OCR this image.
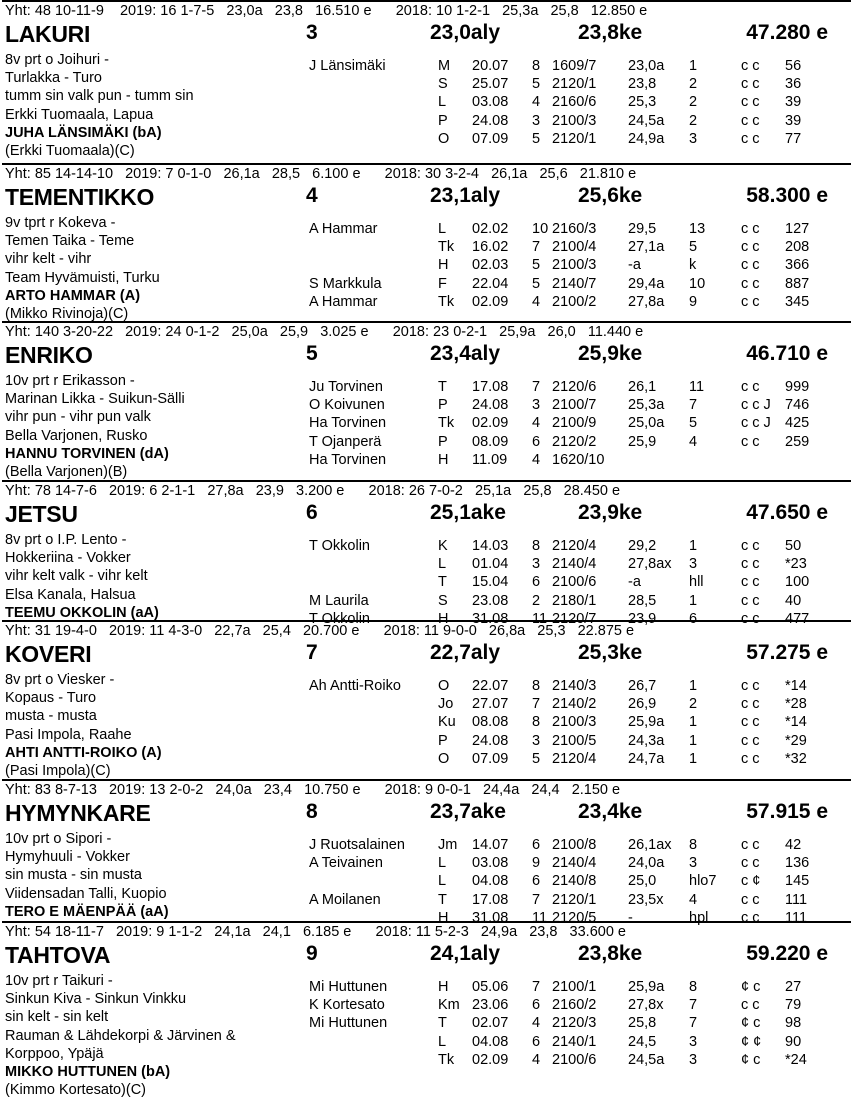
Yht: 48 10-11-9    2019: 16 1-7-5   23,0a   23,8   16.510 e      2018: 10 1-2-1   25,3a   25,8   12.850 e
LAKURI	3	23,0aly	23,8ke	47.280 e
8v prt o Joihuri -
Turlakka - Turo
tumm sin valk pun - tumm sin
Erkki Tuomaala, Lapua
JUHA LÄNSIMÄKI (bA)
(Erkki Tuomaala)(C)
J Länsimäki	M 20.07 8 1609/7 23,0a 1	c c 56
S 25.07 5 2120/1 23,8 2	c c 36
L 03.08 4 2160/6 25,3 2	c c 39
P 24.08 3 2100/3 24,5a 2	c c 39
O 07.09 5 2120/1 24,9a 3	c c 77
Yht: 85 14-14-10   2019: 7 0-1-0   26,1a   28,5   6.100 e      2018: 30 3-2-4   26,1a   25,6   21.810 e
TEMENTIKKO	4	23,1aly	25,6ke	58.300 e
9v tprt r Kokeva -
Temen Taika - Teme
vihr kelt - vihr
Team Hyvämuisti, Turku
ARTO HAMMAR (A)
(Mikko Rivinoja)(C)
A Hammar	L 02.02 10 2160/3 29,5 13 c c 127
Tk 16.02 7 2100/4 27,1a 5	c c 208
H 02.03 5 2100/3 -a	k	c c 366
S Markkula	F 22.04 5 2140/7 29,4a 10 c c 887
A Hammar	Tk 02.09 4 2100/2 27,8a 9	c c 345
Yht: 140 3-20-22   2019: 24 0-1-2   25,0a   25,9   3.025 e      2018: 23 0-2-1   25,9a   26,0   11.440 e
ENRIKO	5	23,4aly	25,9ke	46.710 e
10v prt r Erikasson -
Marinan Likka - Suikun-Sälli
vihr pun - vihr pun valk
Bella Varjonen, Rusko
HANNU TORVINEN (dA)
(Bella Varjonen)(B)
Ju Torvinen	T 17.08 7 2120/6 26,1 11	c c 999
O Koivunen	P 24.08 3 2100/7 25,3a 7	c c J 746
Ha Torvinen	Tk 02.09 4 2100/9 25,0a 5	c c J 425
T Ojanperä	P 08.09 6 2120/2 25,9 4	c c 259
Ha Torvinen	H 11.09 4 1620/10
Yht: 78 14-7-6   2019: 6 2-1-1   27,8a   23,9   3.200 e      2018: 26 7-0-2   25,1a   25,8   28.450 e
JETSU	6	25,1ake	23,9ke	47.650 e
8v prt o I.P. Lento -
Hokkeriina - Vokker
vihr kelt valk - vihr kelt
Elsa Kanala, Halsua
TEEMU OKKOLIN (aA)
T Okkolin	K 14.03 8 2120/4 29,2 1	c c 50
L 01.04 3 2140/4 27,8ax 3	c c *23
T 15.04 6 2100/6 -a	hll	c c 100
M Laurila	S 23.08 2 2180/1 28,5 1	c c 40
T Okkolin	H 31.08 11 2120/7 23,9 6	c c 477
Yht: 31 19-4-0   2019: 11 4-3-0   22,7a   25,4   20.700 e      2018: 11 9-0-0   26,8a   25,3   22.875 e
KOVERI	7	22,7aly	25,3ke	57.275 e
8v prt o Viesker -
Kopaus - Turo
musta - musta
Pasi Impola, Raahe
AHTI ANTTI-ROIKO (A)
(Pasi Impola)(C)
Ah Antti-Roiko	O 22.07 8 2140/3 26,7 1	c c *14
Jo 27.07 7 2140/2 26,9 2	c c *28
Ku 08.08 8 2100/3 25,9a 1	c c *14
P 24.08 3 2100/5 24,3a 1	c c *29
O 07.09 5 2120/4 24,7a 1	c c *32
Yht: 83 8-7-13   2019: 13 2-0-2   24,0a   23,4   10.750 e      2018: 9 0-0-1   24,4a   24,4   2.150 e
HYMYNKARE	8	23,7ake	23,4ke	57.915 e
10v prt o Sipori -
Hymyhuuli - Vokker
sin musta - sin musta
Viidensadan Talli, Kuopio
TERO E MÄENPÄÄ (aA)
J Ruotsalainen Jm 14.07 6 2100/8 26,1ax 8	c c 42
A Teivainen	L 03.08 9 2140/4 24,0a 3	c c 136
L 04.08 6 2140/8 25,0 hlo7 c ¢ 145
A Moilanen	T 17.08 7 2120/1 23,5x 4	c c 111
H 31.08 11 2120/5 -	hpl c c 111
Yht: 54 18-11-7   2019: 9 1-1-2   24,1a   24,1   6.185 e      2018: 11 5-2-3   24,9a   23,8   33.600 e
TAHTOVA	9	24,1aly	23,8ke	59.220 e
10v prt r Taikuri -
Sinkun Kiva - Sinkun Vinkku
sin kelt - sin kelt
Rauman & Lähdekorpi & Järvinen &
Korppoo, Ypäjä
MIKKO HUTTUNEN (bA)
(Kimmo Kortesato)(C)
Mi Huttunen	H 05.06 7 2100/1 25,9a 8	¢ c 27
K Kortesato	Km 23.06 6 2160/2 27,8x 7	c c 79
Mi Huttunen	T 02.07 4 2120/3 25,8 7	¢ c 98
L 04.08 6 2140/1 24,5 3	¢ ¢ 90
Tk 02.09 4 2100/6 24,5a 3	¢ c *24
